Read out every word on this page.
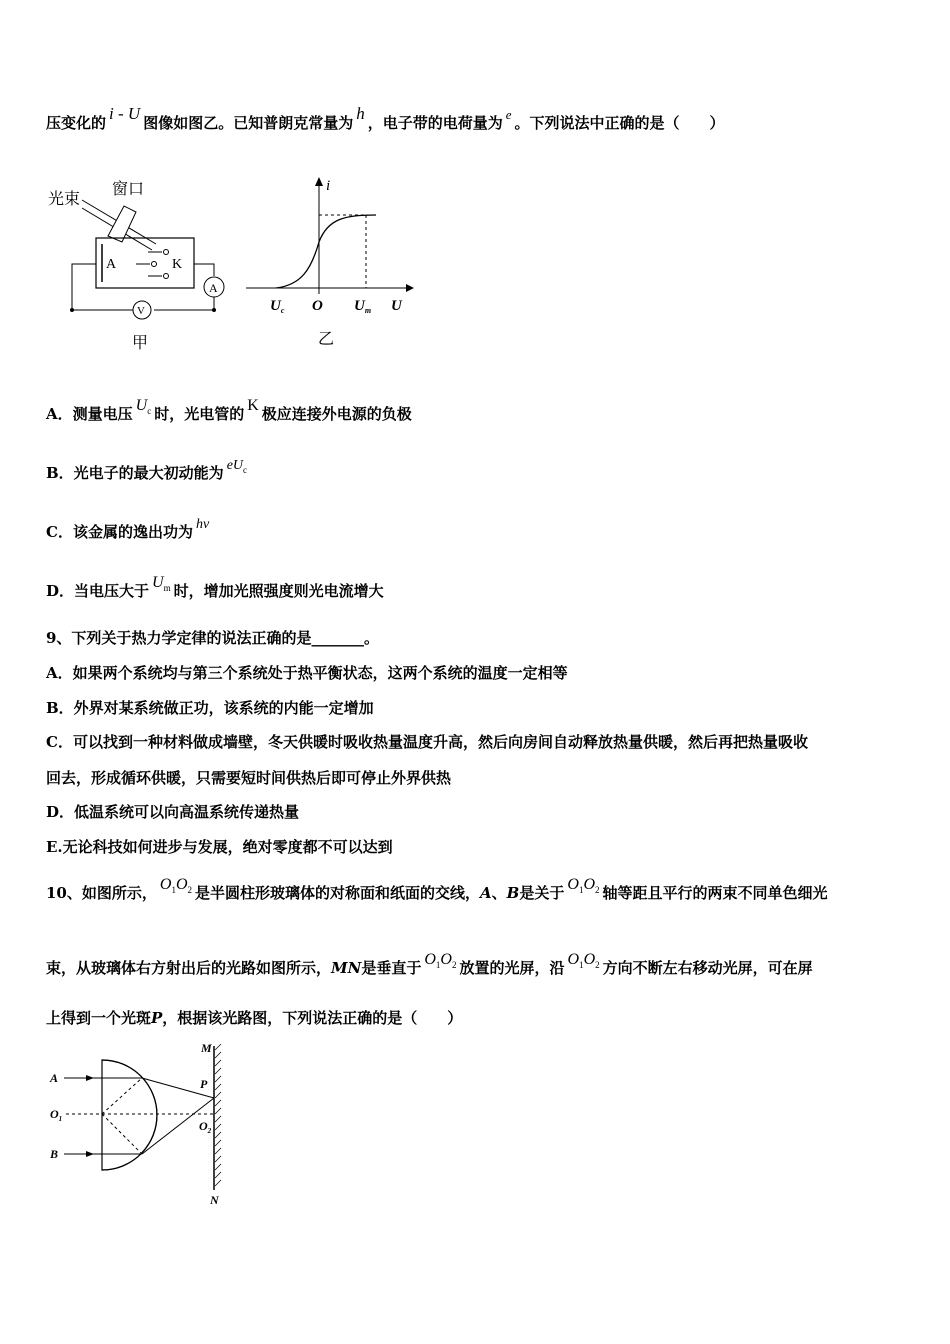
压变化的 i - U 图像如图乙。已知普朗克常量为 h ，电子带的电荷量为 e 。下列说法中正确的是（　　）
光束
窗口
A	K
A
V
甲
i
$U_c$ O $U_m$ U
乙
A．测量电压 $U_c$ 时，光电管的 K 极应连接外电源的负极
B．光电子的最大初动能为 $eU_c$
C．该金属的逸出功为 hν
D．当电压大于 $U_m$ 时，增加光照强度则光电流增大
9、下列关于热力学定律的说法正确的是_______。
A．如果两个系统均与第三个系统处于热平衡状态，这两个系统的温度一定相等
B．外界对某系统做正功，该系统的内能一定增加
C．可以找到一种材料做成墙壁，冬天供暖时吸收热量温度升高，然后向房间自动释放热量供暖，然后再把热量吸收
回去，形成循环供暖，只需要短时间供热后即可停止外界供热
D．低温系统可以向高温系统传递热量
E.无论科技如何进步与发展，绝对零度都不可以达到
10、如图所示， $O_1O_2$ 是半圆柱形玻璃体的对称面和纸面的交线，A、B是关于 $O_1O_2$ 轴等距且平行的两束不同单色细光
束，从玻璃体右方射出后的光路如图所示，MN是垂直于 $O_1O_2$ 放置的光屏，沿 $O_1O_2$ 方向不断左右移动光屏，可在屏
上得到一个光斑P，根据该光路图，下列说法正确的是（　　）
M
N
A
B
P
$O_1$	$O_2$
